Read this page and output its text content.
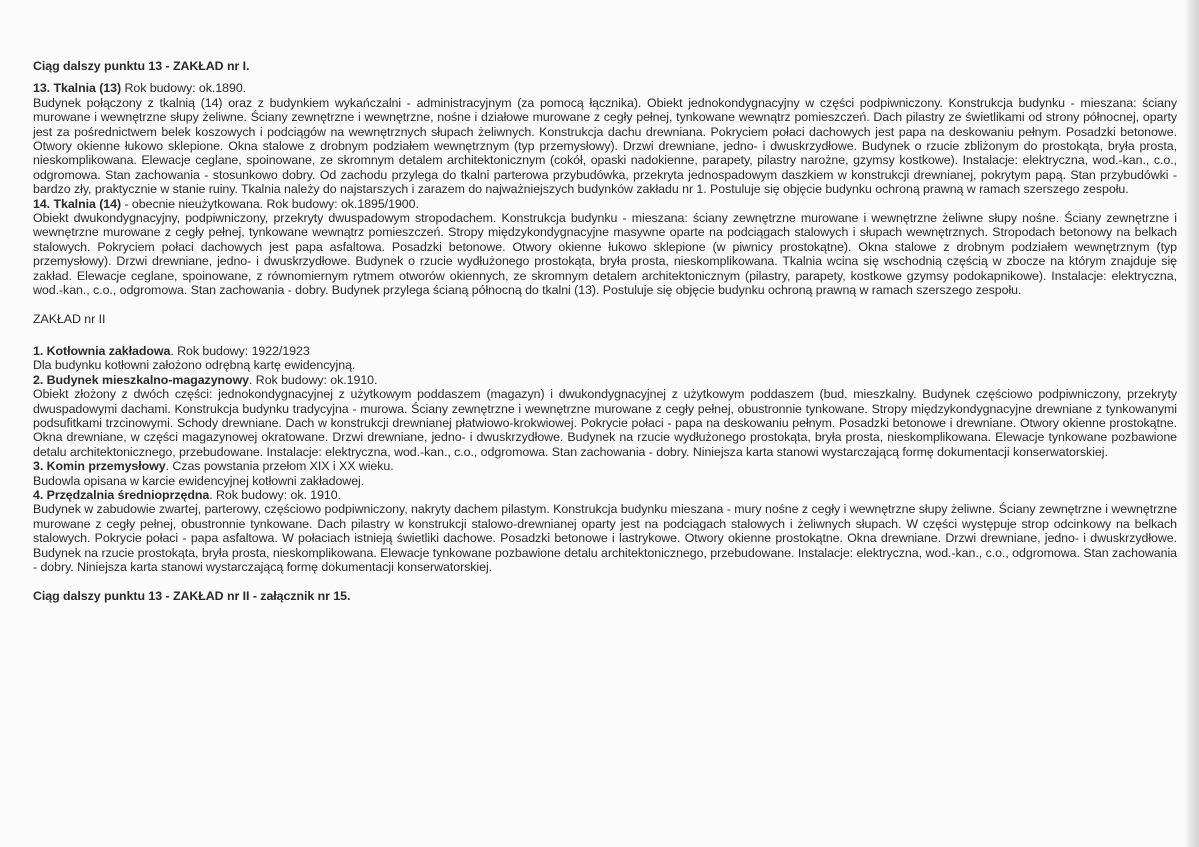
Ciąg dalszy punktu 13 - ZAKŁAD nr I.

13. Tkalnia (13) Rok budowy: ok.1890.

Budynek połączony z tkalnią (14) oraz z budynkiem wykańczalni - administracyjnym (za pomocą łącznika). Obiekt jednokondygnacyjny w części podpiwniczony. Konstrukcja budynku - mieszana: ściany murowane i wewnętrzne słupy żeliwne. Ściany zewnętrzne i wewnętrzne, nośne i działowe murowane z cegły pełnej, tynkowane wewnątrz pomieszczeń. Dach pilastry ze świetlikami od strony północnej, oparty jest za pośrednictwem belek koszowych i podciągów na wewnętrznych słupach żeliwnych. Konstrukcja dachu drewniana. Pokryciem połaci dachowych jest papa na deskowaniu pełnym. Posadzki betonowe. Otwory okienne łukowo sklepione. Okna stalowe z drobnym podziałem wewnętrznym (typ przemysłowy). Drzwi drewniane, jedno- i dwuskrzydłowe. Budynek o rzucie zbliżonym do prostokąta, bryła prosta, nieskomplikowana. Elewacje ceglane, spoinowane, ze skromnym detalem architektonicznym (cokół, opaski nadokienne, parapety, pilastry narożne, gzymsy kostkowe). Instalacje: elektryczna, wod.-kan., c.o., odgromowa. Stan zachowania - stosunkowo dobry. Od zachodu przylega do tkalni parterowa przybudówka, przekryta jednospadowym daszkiem w konstrukcji drewnianej, pokrytym papą. Stan przybudówki - bardzo zły, praktycznie w stanie ruiny. Tkalnia należy do najstarszych i zarazem do najważniejszych budynków zakładu nr 1. Postuluje się objęcie budynku ochroną prawną w ramach szerszego zespołu.

14. Tkalnia (14) - obecnie nieużytkowana. Rok budowy: ok.1895/1900.

Obiekt dwukondygnacyjny, podpiwniczony, przekryty dwuspadowym stropodachem. Konstrukcja budynku - mieszana: ściany zewnętrzne murowane i wewnętrzne żeliwne słupy nośne. Ściany zewnętrzne i wewnętrzne murowane z cegły pełnej, tynkowane wewnątrz pomieszczeń. Stropy międzykondygnacyjne masywne oparte na podciągach stalowych i słupach wewnętrznych. Stropodach betonowy na belkach stalowych. Pokryciem połaci dachowych jest papa asfaltowa. Posadzki betonowe. Otwory okienne łukowo sklepione (w piwnicy prostokątne). Okna stalowe z drobnym podziałem wewnętrznym (typ przemysłowy). Drzwi drewniane, jedno- i dwuskrzydłowe. Budynek o rzucie wydłużonego prostokąta, bryła prosta, nieskomplikowana. Tkalnia wcina się wschodnią częścią w zbocze na którym znajduje się zakład. Elewacje ceglane, spoinowane, z równomiernym rytmem otworów okiennych, ze skromnym detalem architektonicznym (pilastry, parapety, kostkowe gzymsy podokapnikowe). Instalacje: elektryczna, wod.-kan., c.o., odgromowa. Stan zachowania - dobry. Budynek przylega ścianą północną do tkalni (13). Postuluje się objęcie budynku ochroną prawną w ramach szerszego zespołu.

ZAKŁAD nr II

1. Kotłownia zakładowa. Rok budowy: 1922/1923

Dla budynku kotłowni założono odrębną kartę ewidencyjną.

2. Budynek mieszkalno-magazynowy. Rok budowy: ok.1910.

Obiekt złożony z dwóch części: jednokondygnacyjnej z użytkowym poddaszem (magazyn) i dwukondygnacyjnej z użytkowym poddaszem (bud. mieszkalny. Budynek częściowo podpiwniczony, przekryty dwuspadowymi dachami. Konstrukcja budynku tradycyjna - murowa. Ściany zewnętrzne i wewnętrzne murowane z cegły pełnej, obustronnie tynkowane. Stropy międzykondygnacyjne drewniane z tynkowanymi podsufitkami trzcinowymi. Schody drewniane. Dach w konstrukcji drewnianej płatwiowo-krokwiowej. Pokrycie połaci - papa na deskowaniu pełnym. Posadzki betonowe i drewniane. Otwory okienne prostokątne. Okna drewniane, w części magazynowej okratowane. Drzwi drewniane, jedno- i dwuskrzydłowe. Budynek na rzucie wydłużonego prostokąta, bryła prosta, nieskomplikowana. Elewacje tynkowane pozbawione detalu architektonicznego, przebudowane. Instalacje: elektryczna, wod.-kan., c.o., odgromowa. Stan zachowania - dobry. Niniejsza karta stanowi wystarczającą formę dokumentacji konserwatorskiej.

3. Komin przemysłowy. Czas powstania przełom XIX i XX wieku.

Budowla opisana w karcie ewidencyjnej kotłowni zakładowej.

4. Przędzalnia średnioprzędna. Rok budowy: ok. 1910.

Budynek w zabudowie zwartej, parterowy, częściowo podpiwniczony, nakryty dachem pilastym. Konstrukcja budynku mieszana - mury nośne z cegły i wewnętrzne słupy żeliwne. Ściany zewnętrzne i wewnętrzne murowane z cegły pełnej, obustronnie tynkowane. Dach pilastry w konstrukcji stalowo-drewnianej oparty jest na podciągach stalowych i żeliwnych słupach. W części występuje strop odcinkowy na belkach stalowych. Pokrycie połaci - papa asfaltowa. W połaciach istnieją świetliki dachowe. Posadzki betonowe i lastrykowe. Otwory okienne prostokątne. Okna drewniane. Drzwi drewniane, jedno- i dwuskrzydłowe. Budynek na rzucie prostokąta, bryła prosta, nieskomplikowana. Elewacje tynkowane pozbawione detalu architektonicznego, przebudowane. Instalacje: elektryczna, wod.-kan., c.o., odgromowa. Stan zachowania - dobry. Niniejsza karta stanowi wystarczającą formę dokumentacji konserwatorskiej.

Ciąg dalszy punktu 13 - ZAKŁAD nr II - załącznik nr 15.
